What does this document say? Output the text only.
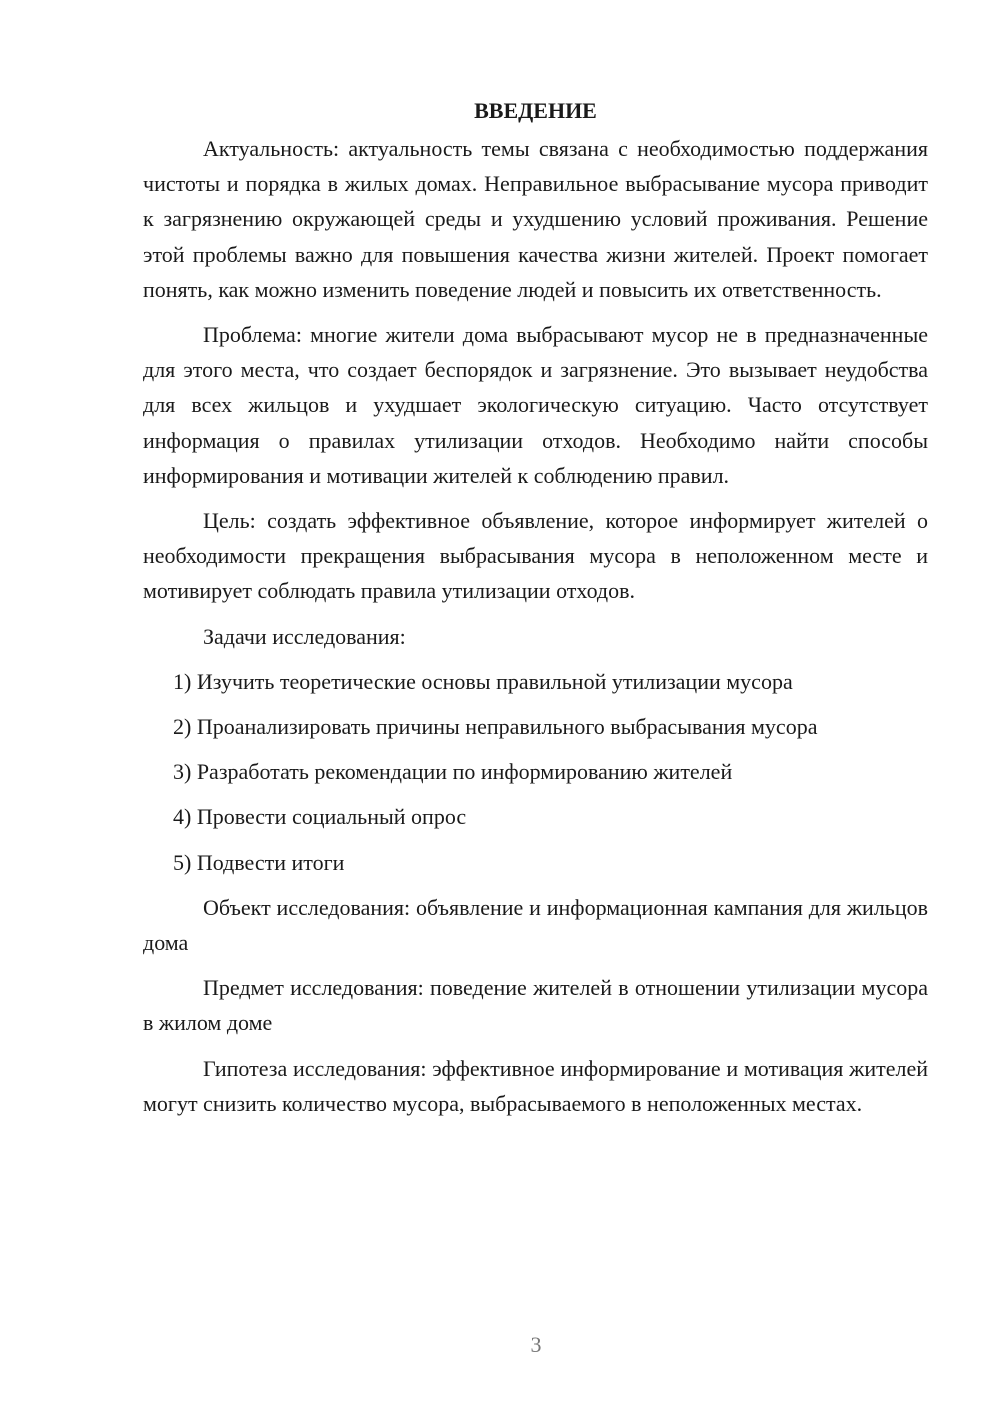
ВВЕДЕНИЕ

Актуальность: актуальность темы связана с необходимостью поддержания чистоты и порядка в жилых домах. Неправильное выбрасывание мусора приводит к загрязнению окружающей среды и ухудшению условий проживания. Решение этой проблемы важно для повышения качества жизни жителей. Проект помогает понять, как можно изменить поведение людей и повысить их ответственность.

Проблема: многие жители дома выбрасывают мусор не в предназначенные для этого места, что создает беспорядок и загрязнение. Это вызывает неудобства для всех жильцов и ухудшает экологическую ситуацию. Часто отсутствует информация о правилах утилизации отходов. Необходимо найти способы информирования и мотивации жителей к соблюдению правил.

Цель: создать эффективное объявление, которое информирует жителей о необходимости прекращения выбрасывания мусора в неположенном месте и мотивирует соблюдать правила утилизации отходов.

Задачи исследования:
1) Изучить теоретические основы правильной утилизации мусора
2) Проанализировать причины неправильного выбрасывания мусора
3) Разработать рекомендации по информированию жителей
4) Провести социальный опрос
5) Подвести итоги

Объект исследования: объявление и информационная кампания для жильцов дома

Предмет исследования: поведение жителей в отношении утилизации мусора в жилом доме

Гипотеза исследования: эффективное информирование и мотивация жителей могут снизить количество мусора, выбрасываемого в неположенных местах.

3
